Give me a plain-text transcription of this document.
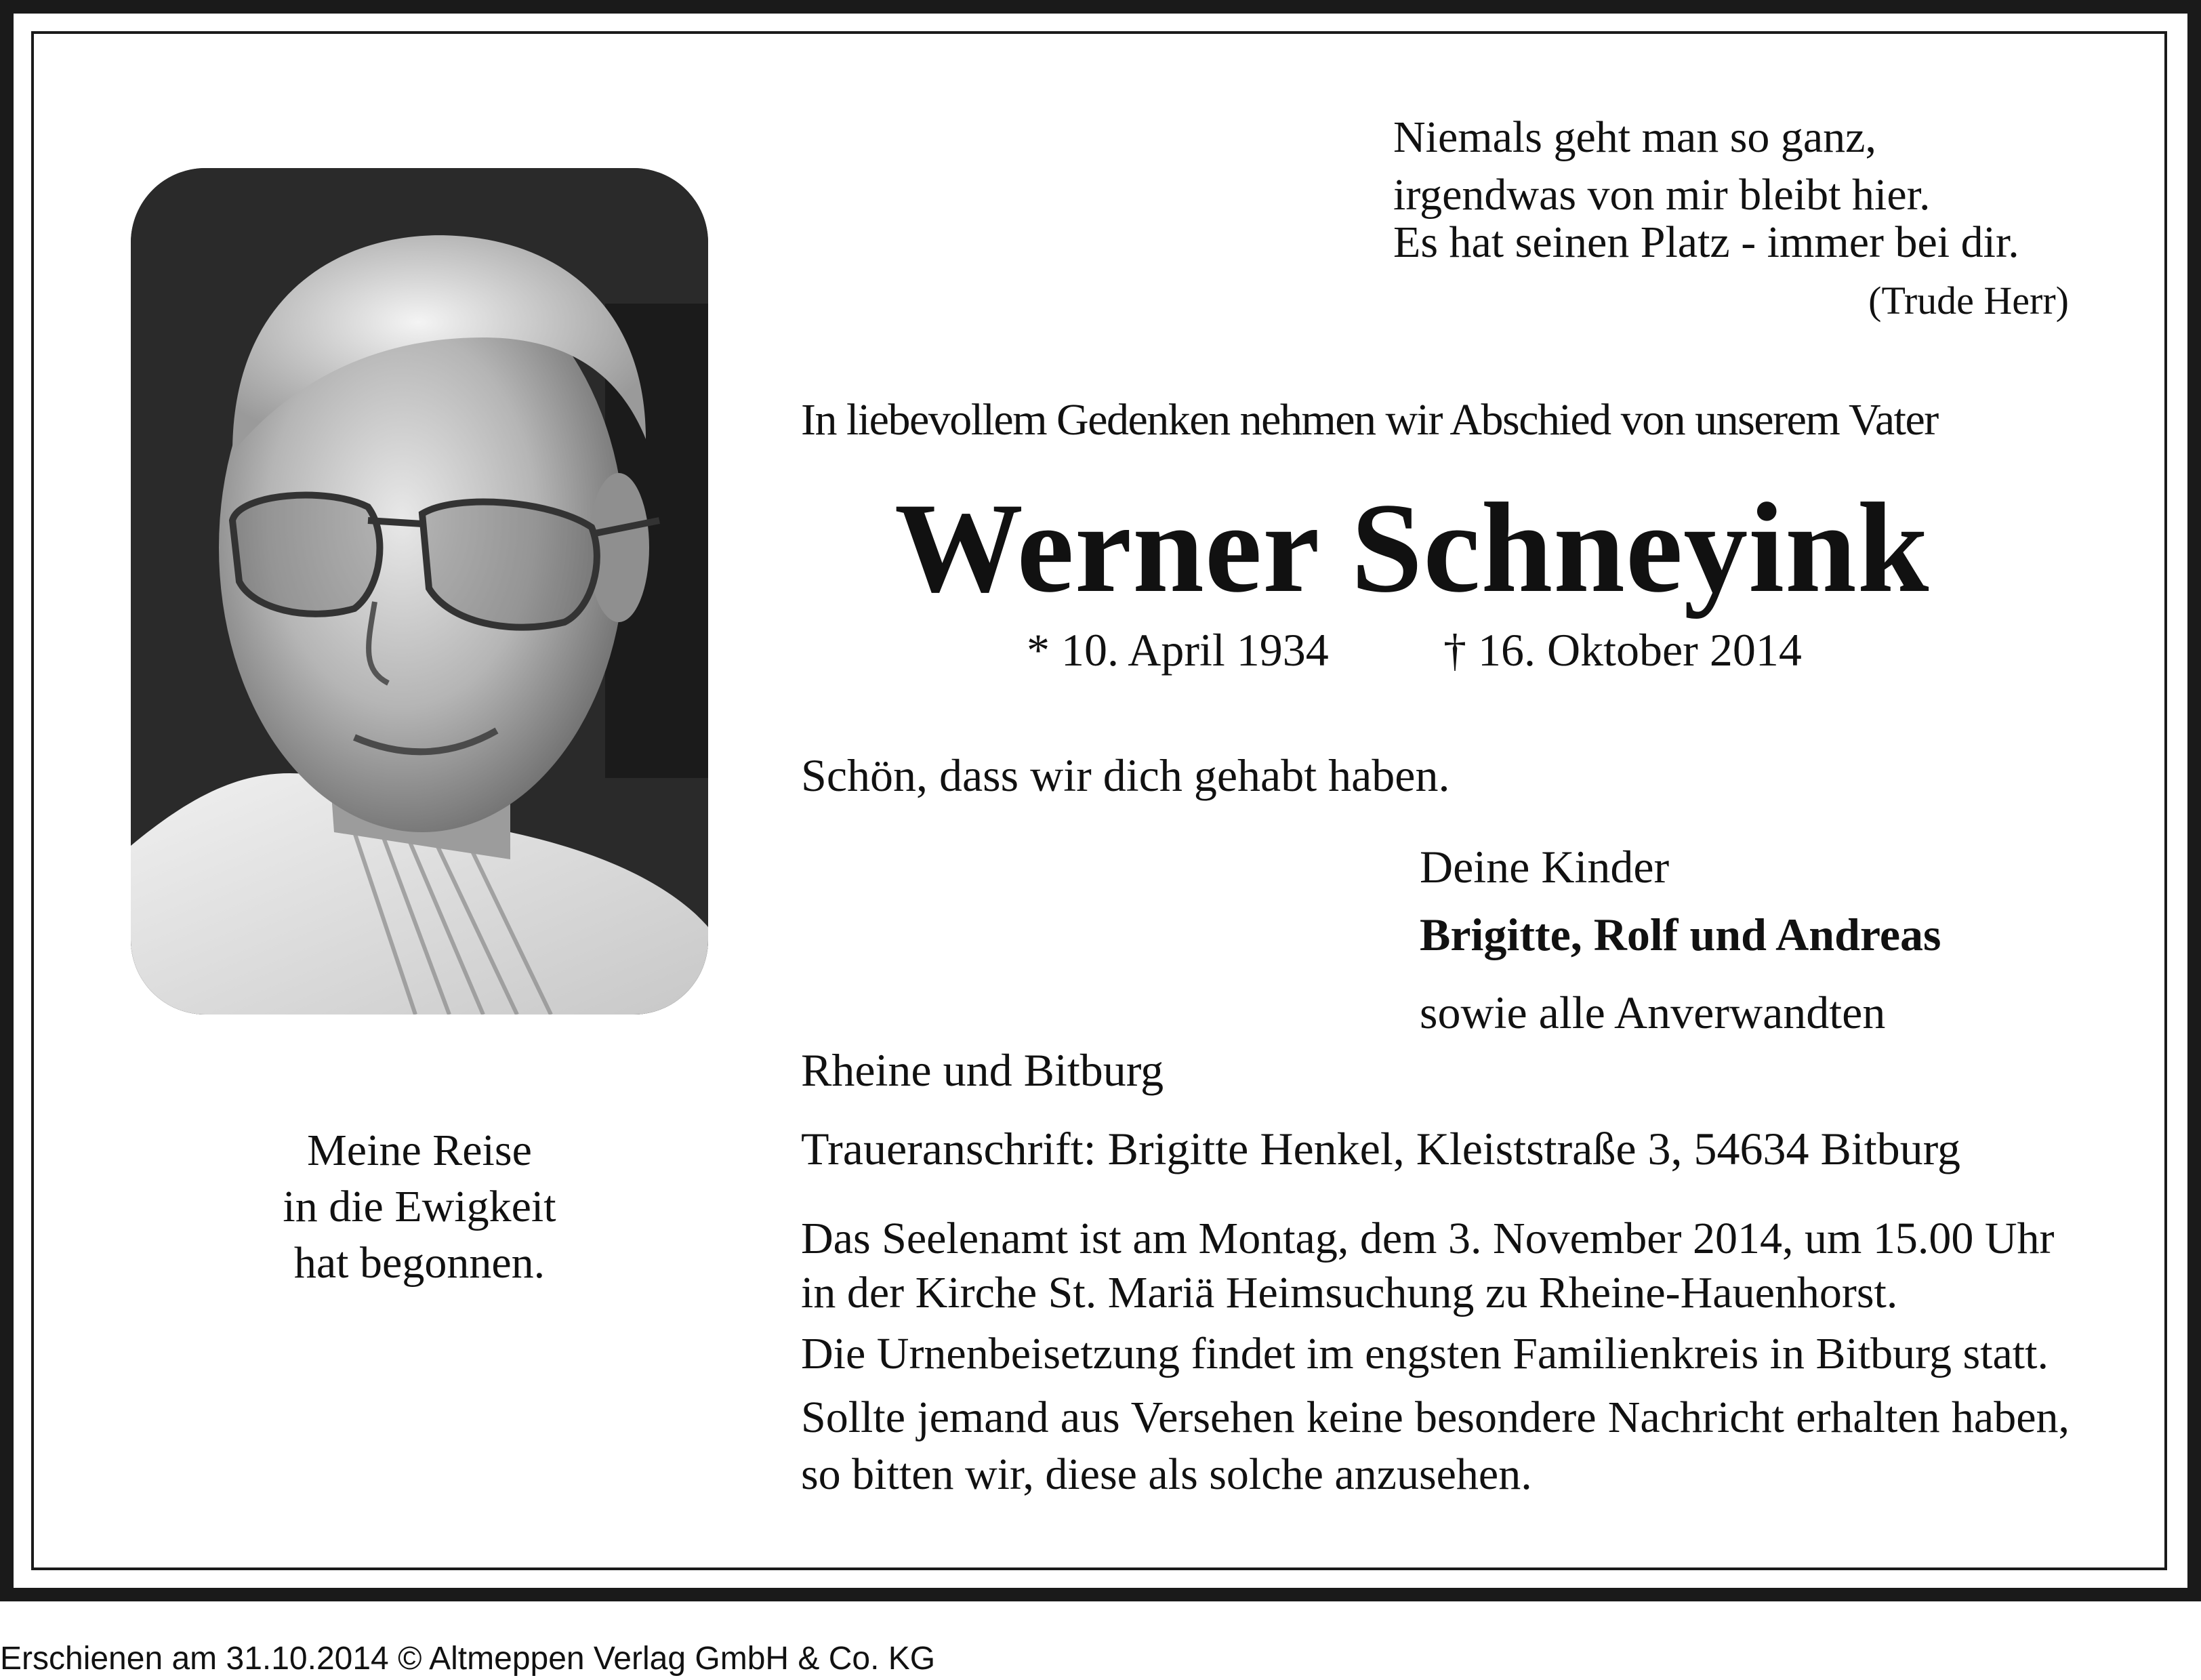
Niemals geht man so ganz,
irgendwas von mir bleibt hier.
Es hat seinen Platz - immer bei dir.
(Trude Herr)
In liebevollem Gedenken nehmen wir Abschied von unserem Vater
Werner Schneyink
* 10. April 1934 † 16. Oktober 2014
Schön, dass wir dich gehabt haben.
Deine Kinder
Brigitte, Rolf und Andreas
sowie alle Anverwandten
Rheine und Bitburg
Traueranschrift: Brigitte Henkel, Kleiststraße 3, 54634 Bitburg
Das Seelenamt ist am Montag, dem 3. November 2014, um 15.00 Uhr
in der Kirche St. Mariä Heimsuchung zu Rheine-Hauenhorst.
Die Urnenbeisetzung findet im engsten Familienkreis in Bitburg statt.
Sollte jemand aus Versehen keine besondere Nachricht erhalten haben, so bitten wir, diese als solche anzusehen.
Meine Reise
in die Ewigkeit
hat begonnen.
Erschienen am 31.10.2014 © Altmeppen Verlag GmbH & Co. KG
